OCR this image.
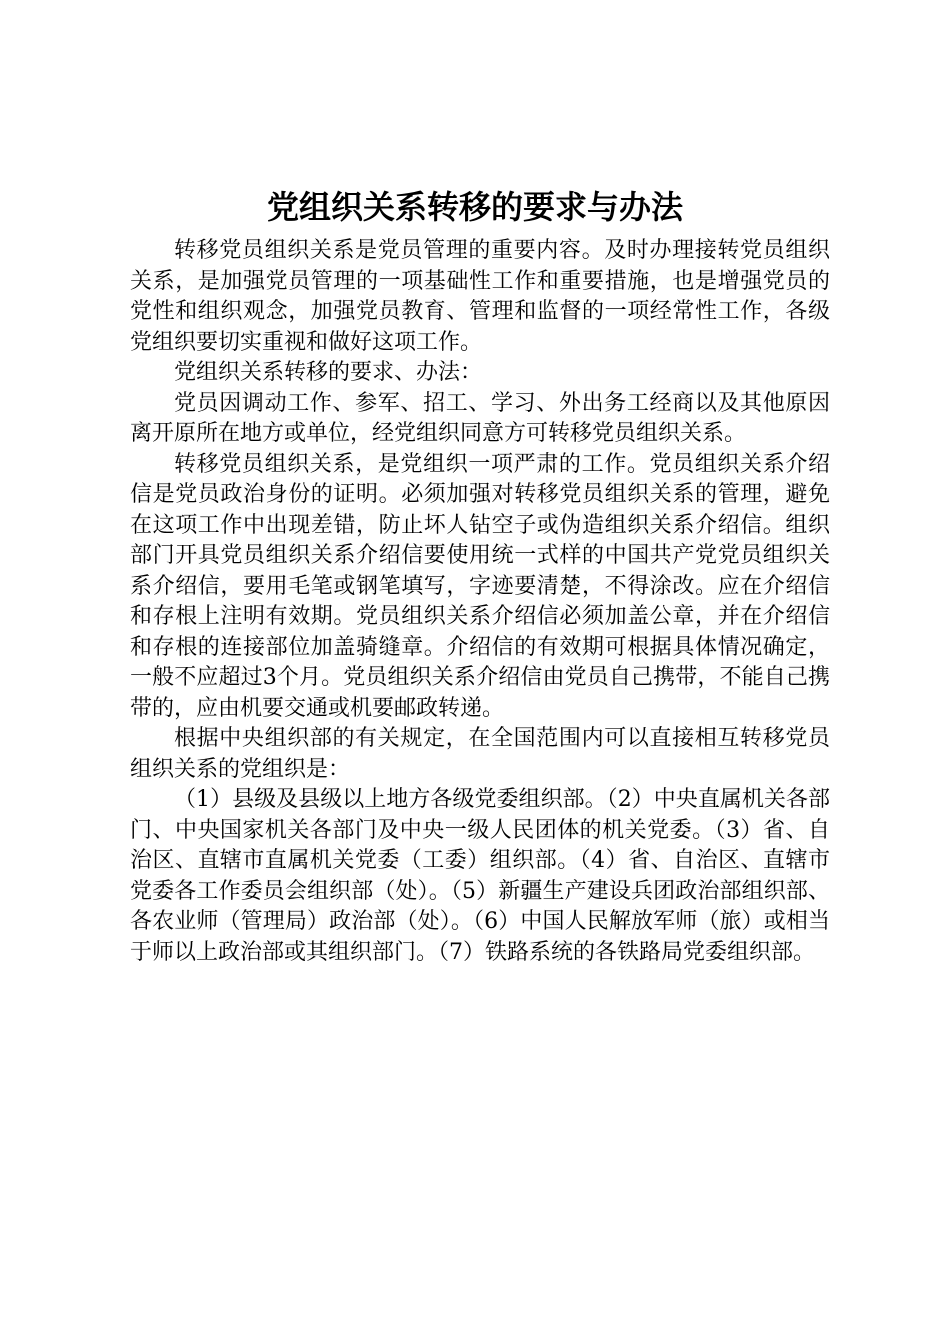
党组织关系转移的要求与办法

转移党员组织关系是党员管理的重要内容。及时办理接转党员组织关系，是加强党员管理的一项基础性工作和重要措施，也是增强党员的党性和组织观念，加强党员教育、管理和监督的一项经常性工作，各级党组织要切实重视和做好这项工作。

党组织关系转移的要求、办法：

党员因调动工作、参军、招工、学习、外出务工经商以及其他原因离开原所在地方或单位，经党组织同意方可转移党员组织关系。

转移党员组织关系，是党组织一项严肃的工作。党员组织关系介绍信是党员政治身份的证明。必须加强对转移党员组织关系的管理，避免在这项工作中出现差错，防止坏人钻空子或伪造组织关系介绍信。组织部门开具党员组织关系介绍信要使用统一式样的中国共产党党员组织关系介绍信，要用毛笔或钢笔填写，字迹要清楚，不得涂改。应在介绍信和存根上注明有效期。党员组织关系介绍信必须加盖公章，并在介绍信和存根的连接部位加盖骑缝章。介绍信的有效期可根据具体情况确定，一般不应超过3个月。党员组织关系介绍信由党员自己携带，不能自己携带的，应由机要交通或机要邮政转递。

根据中央组织部的有关规定，在全国范围内可以直接相互转移党员组织关系的党组织是：

（1）县级及县级以上地方各级党委组织部。（2）中央直属机关各部门、中央国家机关各部门及中央一级人民团体的机关党委。（3）省、自治区、直辖市直属机关党委（工委）组织部。（4）省、自治区、直辖市党委各工作委员会组织部（处）。（5）新疆生产建设兵团政治部组织部、各农业师（管理局）政治部（处）。（6）中国人民解放军师（旅）或相当于师以上政治部或其组织部门。（7）铁路系统的各铁路局党委组织部。
